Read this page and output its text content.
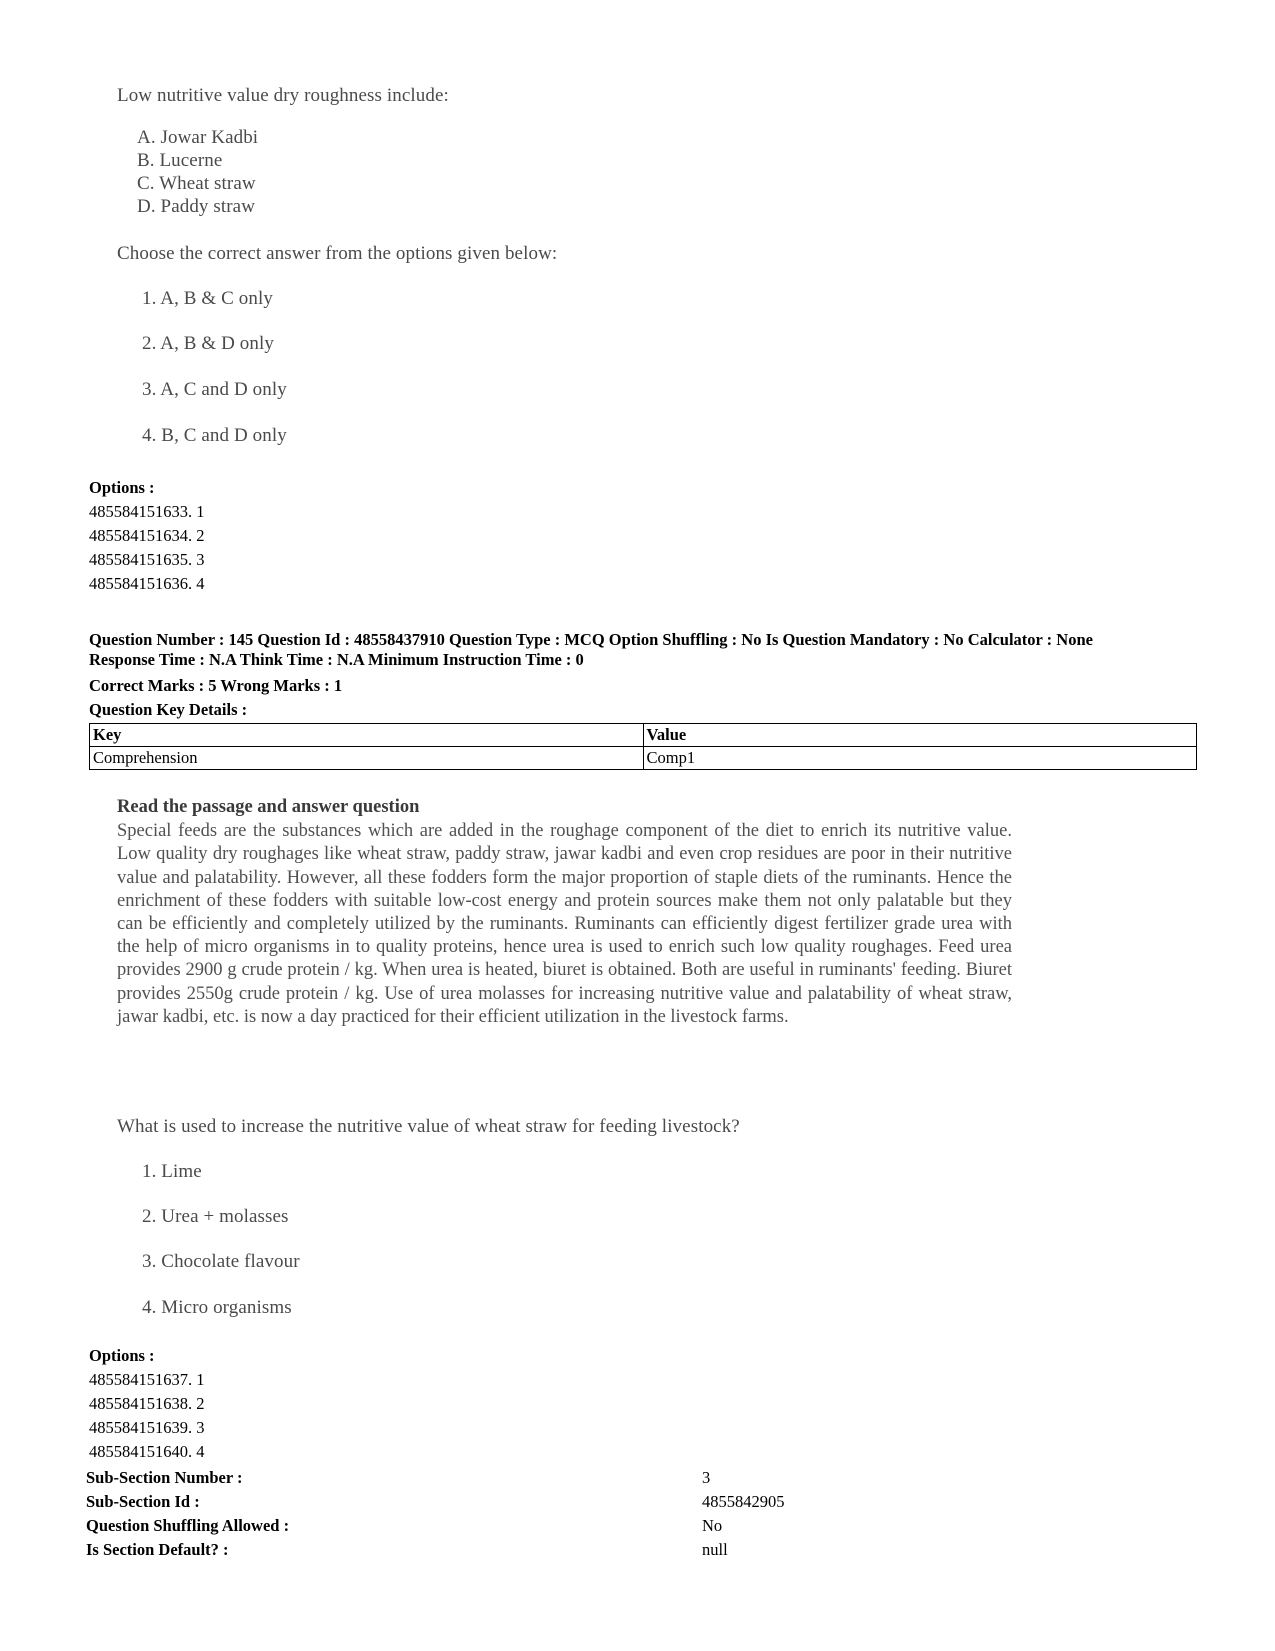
Low nutritive value dry roughness include:
A. Jowar Kadbi
B. Lucerne
C. Wheat straw
D. Paddy straw
Choose the correct answer from the options given below:
1. A, B & C only
2. A, B & D only
3. A, C and D only
4. B, C and D only
Options :
485584151633. 1
485584151634. 2
485584151635. 3
485584151636. 4
Question Number : 145 Question Id : 48558437910 Question Type : MCQ Option Shuffling : No Is Question Mandatory : No Calculator : None
Response Time : N.A Think Time : N.A Minimum Instruction Time : 0
Correct Marks : 5 Wrong Marks : 1
Question Key Details :
Key	Value
Comprehension	Comp1
Read the passage and answer question
Special feeds are the substances which are added in the roughage component of the diet to enrich its nutritive value. Low quality dry roughages like wheat straw, paddy straw, jawar kadbi and even crop residues are poor in their nutritive value and palatability. However, all these fodders form the major proportion of staple diets of the ruminants. Hence the enrichment of these fodders with suitable low-cost energy and protein sources make them not only palatable but they can be efficiently and completely utilized by the ruminants. Ruminants can efficiently digest fertilizer grade urea with the help of micro organisms in to quality proteins, hence urea is used to enrich such low quality roughages. Feed urea provides 2900 g crude protein / kg. When urea is heated, biuret is obtained. Both are useful in ruminants' feeding. Biuret provides 2550g crude protein / kg. Use of urea molasses for increasing nutritive value and palatability of wheat straw, jawar kadbi, etc. is now a day practiced for their efficient utilization in the livestock farms.
What is used to increase the nutritive value of wheat straw for feeding livestock?
1. Lime
2. Urea + molasses
3. Chocolate flavour
4. Micro organisms
Options :
485584151637. 1
485584151638. 2
485584151639. 3
485584151640. 4
Sub-Section Number :	3
Sub-Section Id :	4855842905
Question Shuffling Allowed :	No
Is Section Default? :	null
